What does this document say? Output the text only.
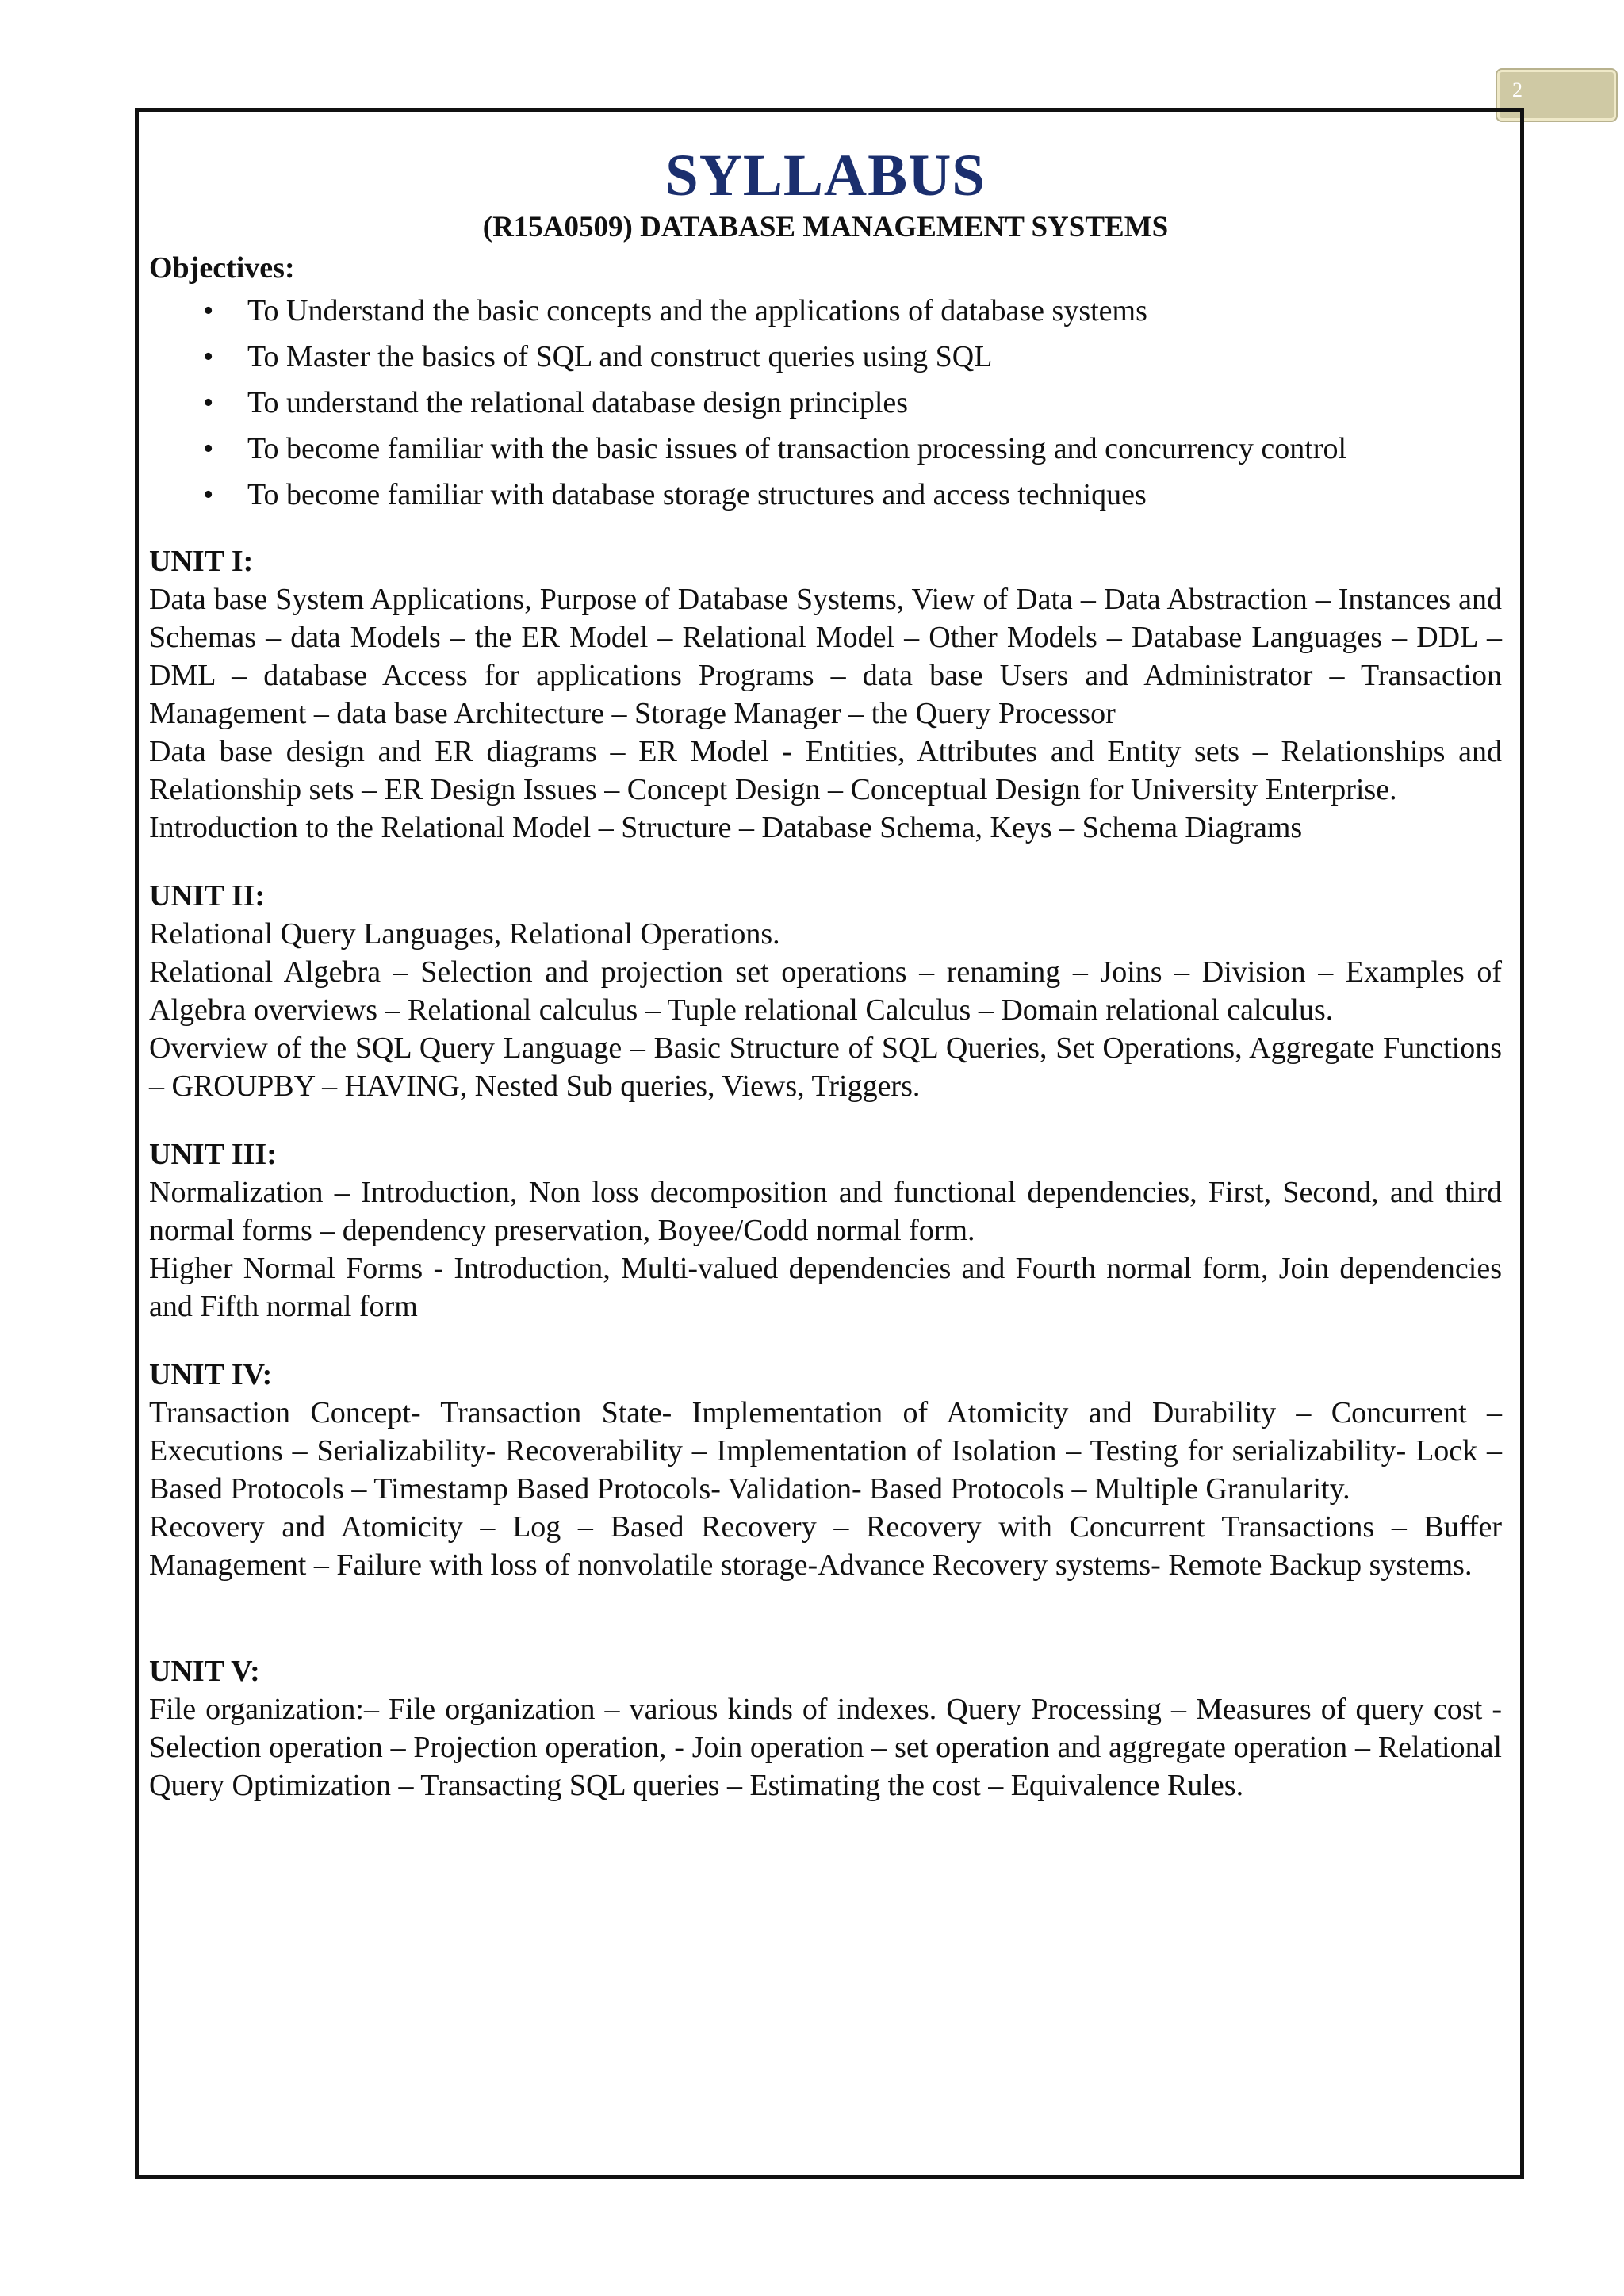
2
SYLLABUS
(R15A0509) DATABASE MANAGEMENT SYSTEMS
Objectives:
• To Understand the basic concepts and the applications of database systems
• To Master the basics of SQL and construct queries using SQL
• To understand the relational database design principles
• To become familiar with the basic issues of transaction processing and concurrency control
• To become familiar with database storage structures and access techniques
UNIT I:

Data base System Applications, Purpose of Database Systems, View of Data – Data Abstraction – Instances and Schemas – data Models – the ER Model – Relational Model – Other Models – Database Languages – DDL – DML – database Access for applications Programs – data base Users and Administrator – Transaction Management – data base Architecture – Storage Manager – the Query Processor

Data base design and ER diagrams – ER Model - Entities, Attributes and Entity sets – Relationships and Relationship sets – ER Design Issues – Concept Design – Conceptual Design for University Enterprise.

Introduction to the Relational Model – Structure – Database Schema, Keys – Schema Diagrams

UNIT II:

Relational Query Languages, Relational Operations.

Relational Algebra – Selection and projection set operations – renaming – Joins – Division – Examples of Algebra overviews – Relational calculus – Tuple relational Calculus – Domain relational calculus.

Overview of the SQL Query Language – Basic Structure of SQL Queries, Set Operations, Aggregate Functions – GROUPBY – HAVING, Nested Sub queries, Views, Triggers.

UNIT III:

Normalization – Introduction, Non loss decomposition and functional dependencies, First, Second, and third normal forms – dependency preservation, Boyee/Codd normal form.

Higher Normal Forms - Introduction, Multi-valued dependencies and Fourth normal form, Join dependencies and Fifth normal form

UNIT IV:

Transaction Concept- Transaction State- Implementation of Atomicity and Durability – Concurrent – Executions – Serializability- Recoverability – Implementation of Isolation – Testing for serializability- Lock –Based Protocols – Timestamp Based Protocols- Validation- Based Protocols – Multiple Granularity.

Recovery and Atomicity – Log – Based Recovery – Recovery with Concurrent Transactions – Buffer Management – Failure with loss of nonvolatile storage-Advance Recovery systems- Remote Backup systems.

UNIT V:

File organization:– File organization – various kinds of indexes. Query Processing – Measures of query cost - Selection operation – Projection operation, - Join operation – set operation and aggregate operation – Relational Query Optimization – Transacting SQL queries – Estimating the cost – Equivalence Rules.
